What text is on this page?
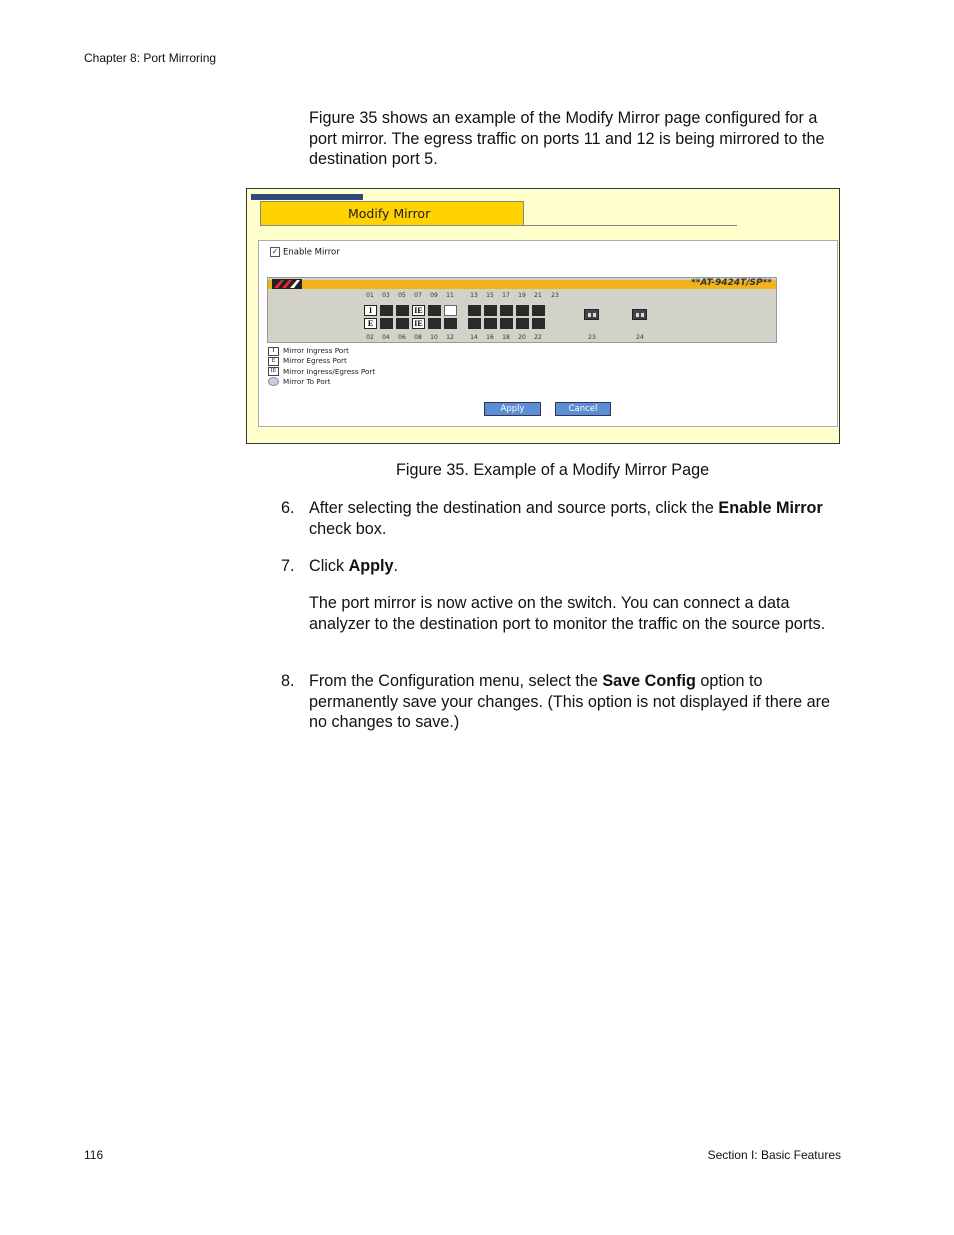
Chapter 8: Port Mirroring
Figure 35 shows an example of the Modify Mirror page configured for a port mirror. The egress traffic on ports 11 and 12 is being mirrored to the destination port 5.
Modify Mirror
✓ Enable Mirror
**AT-9424T/SP**
01	03	05	07	09	11	13	15	17	19	21
02	04	06	08	10	12	14	16	18	20	22
I
E
IE
IE
23	24
23
I Mirror Ingress Port
E Mirror Egress Port
IE Mirror Ingress/Egress Port
Mirror To Port
Apply	Cancel
Figure 35. Example of a Modify Mirror Page
6. After selecting the destination and source ports, click the Enable Mirror check box.
7. Click Apply.
The port mirror is now active on the switch. You can connect a data analyzer to the destination port to monitor the traffic on the source ports.
8. From the Configuration menu, select the Save Config option to permanently save your changes. (This option is not displayed if there are no changes to save.)
116	Section I: Basic Features
